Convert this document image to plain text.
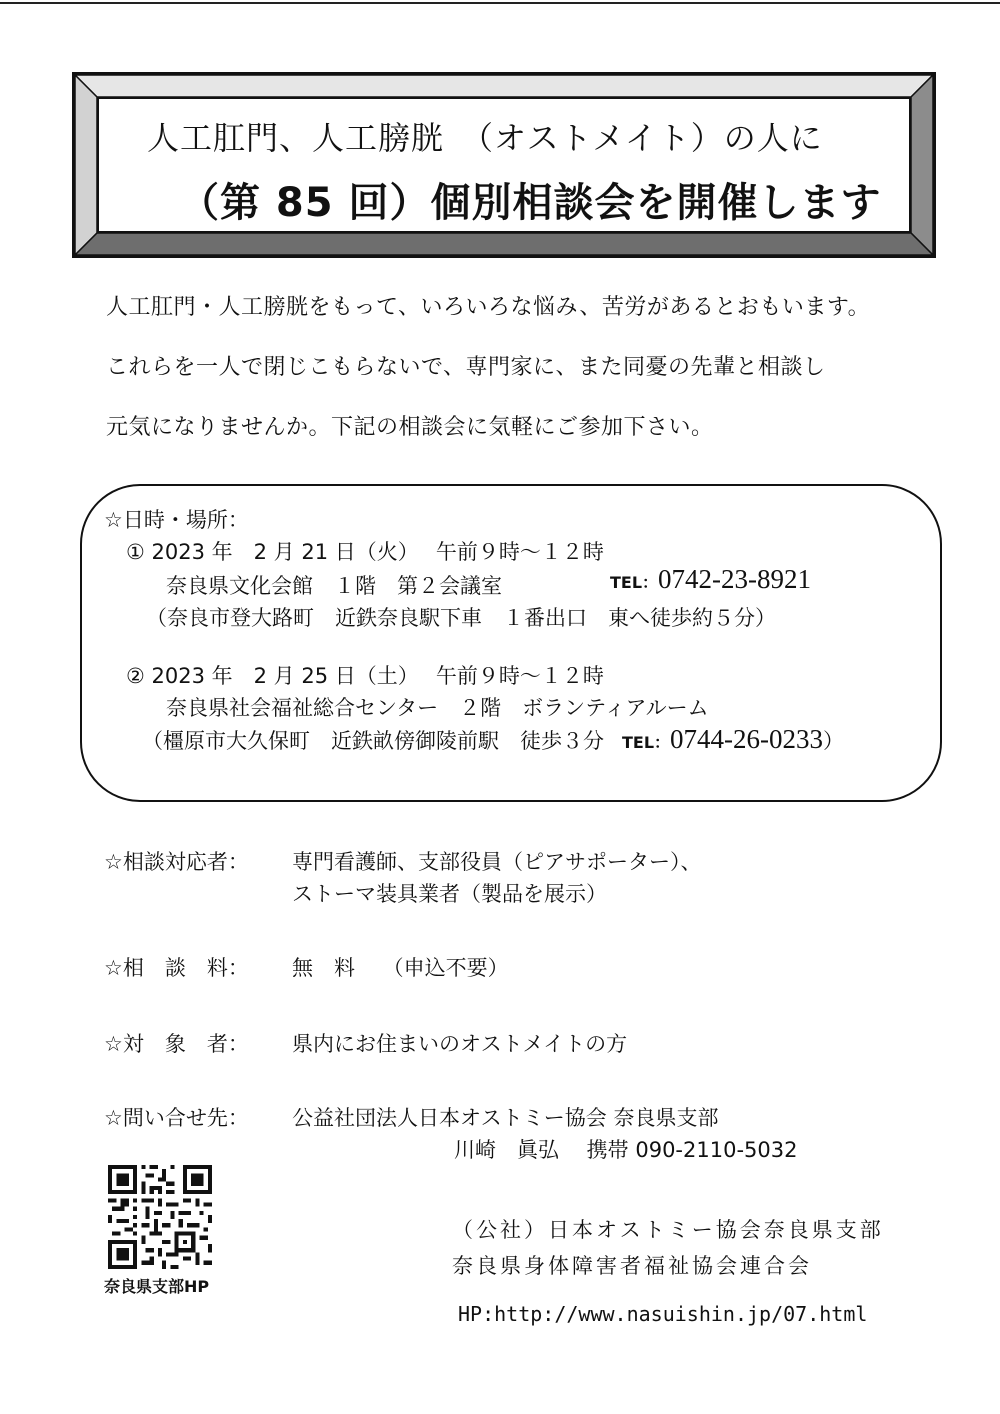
人工肛門、人工膀胱　（オストメイト）の人に
（第 85 回）個別相談会を開催します
人工肛門・人工膀胱をもって、いろいろな悩み、苦労があるとおもいます。
これらを一人で閉じこもらないで、専門家に、また同憂の先輩と相談し
元気になりませんか。下記の相談会に気軽にご参加下さい。
☆日時・場所：
① 2023 年　2 月 21 日（火）　 午前９時～１２時
奈良県文化会館　１階　第２会議室	TEL：0742-23-8921
（奈良市登大路町　近鉄奈良駅下車　１番出口　東へ徒歩約５分）
② 2023 年　2 月 25 日（土）　 午前９時～１２時
奈良県社会福祉総合センター　２階　ボランティアルーム
（橿原市大久保町　近鉄畝傍御陵前駅　徒歩３分 TEL：0744-26-0233）
☆相談対応者： 専門看護師、支部役員（ピアサポーター）、
ストーマ装具業者（製品を展示）
☆相　談　料： 無　料　 （申込不要）
☆対　象　者： 県内にお住まいのオストメイトの方
☆問い合せ先： 公益社団法人日本オストミー協会 奈良県支部
川崎　眞弘　 携帯 090-2110-5032
奈良県支部HP
（公社）日本オストミー協会奈良県支部
奈良県身体障害者福祉協会連合会
HP:http://www.nasuishin.jp/07.html
